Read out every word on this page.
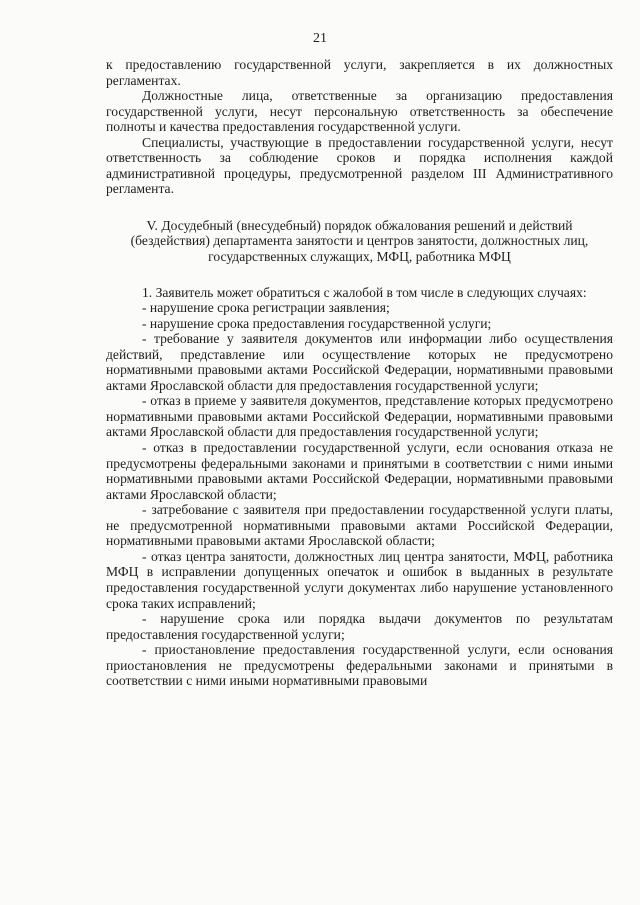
21

к предоставлению государственной услуги, закрепляется в их должностных регламентах.

Должностные лица, ответственные за организацию предоставления государственной услуги, несут персональную ответственность за обеспечение полноты и качества предоставления государственной услуги.

Специалисты, участвующие в предоставлении государственной услуги, несут ответственность за соблюдение сроков и порядка исполнения каждой административной процедуры, предусмотренной разделом III Административного регламента.

V. Досудебный (внесудебный) порядок обжалования решений и действий (бездействия) департамента занятости и центров занятости, должностных лиц, государственных служащих, МФЦ, работника МФЦ

1. Заявитель может обратиться с жалобой в том числе в следующих случаях:

- нарушение срока регистрации заявления;

- нарушение срока предоставления государственной услуги;

- требование у заявителя документов или информации либо осуществления действий, представление или осуществление которых не предусмотрено нормативными правовыми актами Российской Федерации, нормативными правовыми актами Ярославской области для предоставления государственной услуги;

- отказ в приеме у заявителя документов, представление которых предусмотрено нормативными правовыми актами Российской Федерации, нормативными правовыми актами Ярославской области для предоставления государственной услуги;

- отказ в предоставлении государственной услуги, если основания отказа не предусмотрены федеральными законами и принятыми в соответствии с ними иными нормативными правовыми актами Российской Федерации, нормативными правовыми актами Ярославской области;

- затребование с заявителя при предоставлении государственной услуги платы, не предусмотренной нормативными правовыми актами Российской Федерации, нормативными правовыми актами Ярославской области;

- отказ центра занятости, должностных лиц центра занятости, МФЦ, работника МФЦ в исправлении допущенных опечаток и ошибок в выданных в результате предоставления государственной услуги документах либо нарушение установленного срока таких исправлений;

- нарушение срока или порядка выдачи документов по результатам предоставления государственной услуги;

- приостановление предоставления государственной услуги, если основания приостановления не предусмотрены федеральными законами и принятыми в соответствии с ними иными нормативными правовыми
